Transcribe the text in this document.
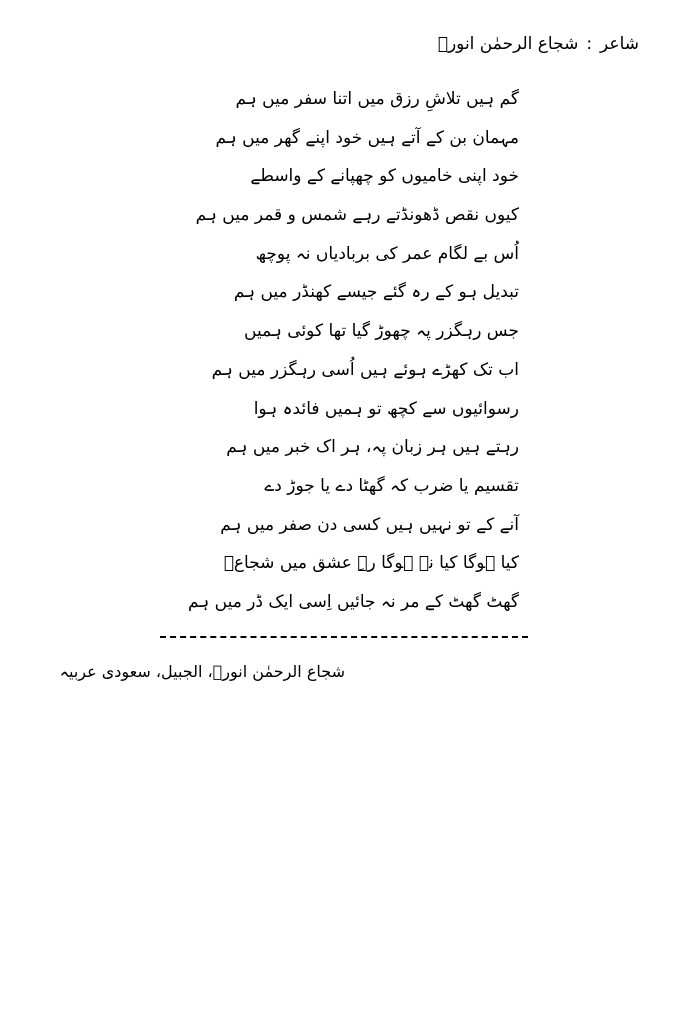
شاعر:شجاع الرحمٰن انورؔ
گم ہیں تلاشِ رزق میں اتنا سفر میں ہم
مہمان بن کے آتے ہیں خود اپنے گھر میں ہم
خود اپنی خامیوں کو چھپانے کے واسطے
کیوں نقص ڈھونڈتے رہے شمس و قمر میں ہم
اُس بے لگام عمر کی بربادیاں نہ پوچھ
تبدیل ہو کے رہ گئے جیسے کھنڈر میں ہم
جس رہگزر پہ چھوڑ گیا تھا کوئی ہمیں
اب تک کھڑے ہوئے ہیں اُسی رہگزر میں ہم
رسوائیوں سے کچھ تو ہمیں فائدہ ہوا
رہتے ہیں ہر زبان پہ، ہر اک خبر میں ہم
تقسیم یا ضرب کہ گھٹا دے یا جوڑ دے
آنے کے تو نہیں ہیں کسی دن صفر میں ہم
کیا ہوگا کیا نہ ہوگا رہِ عشق میں شجاعؔ
گھٹ گھٹ کے مر نہ جائیں اِسی ایک ڈر میں ہم
شجاع الرحمٰن انورؔ، الجبیل، سعودی عربیہ
